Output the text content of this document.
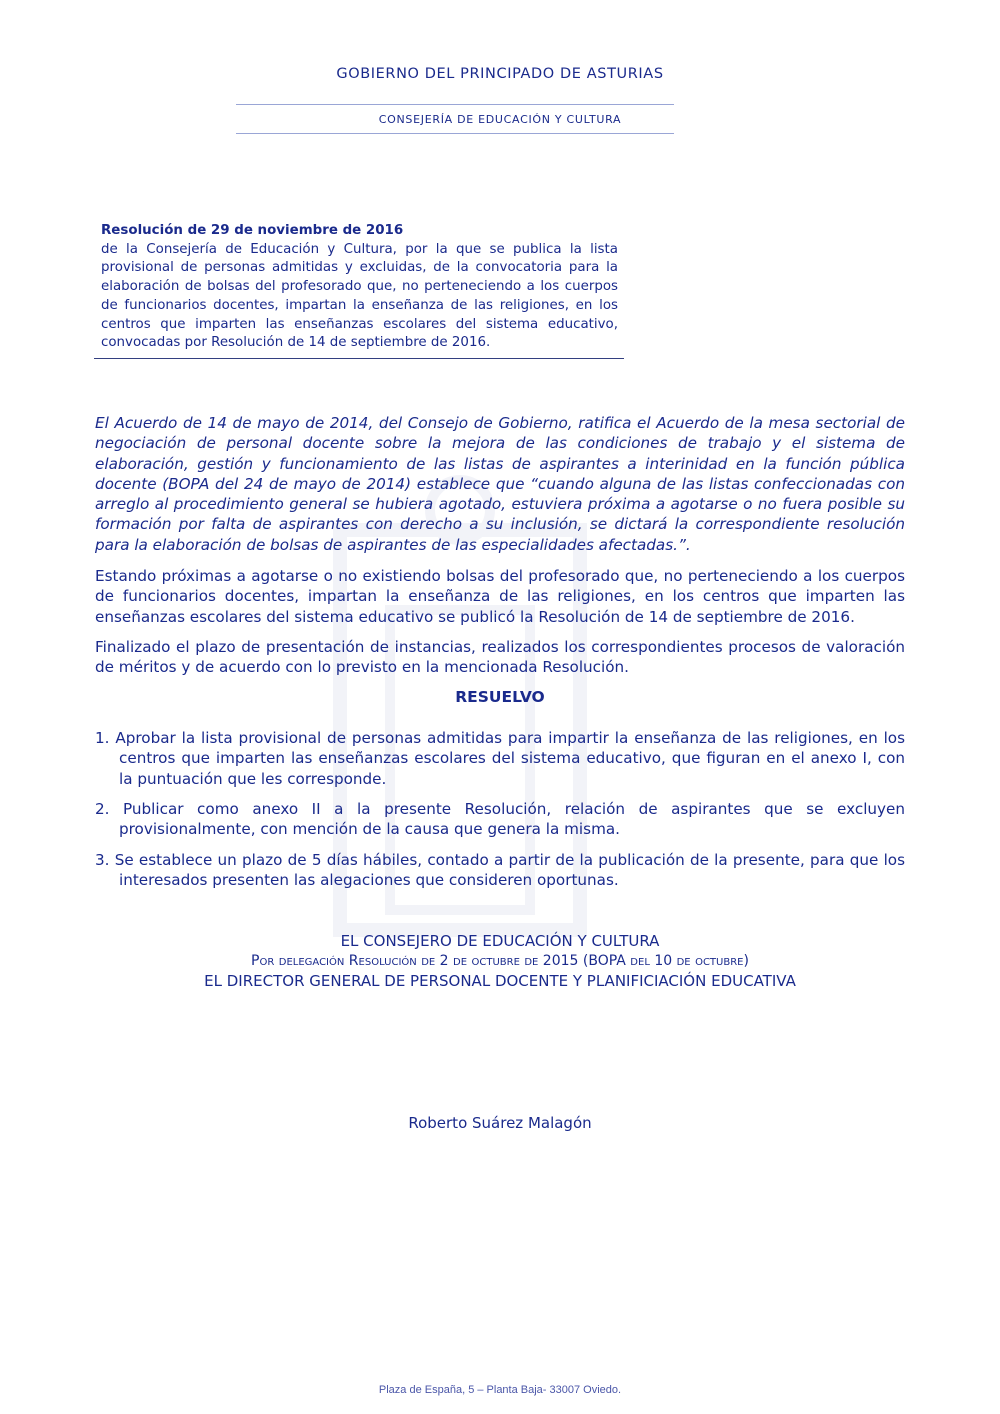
GOBIERNO DEL PRINCIPADO DE ASTURIAS
CONSEJERÍA DE EDUCACIÓN Y CULTURA
Resolución de 29 de noviembre de 2016
de la Consejería de Educación y Cultura, por la que se publica la lista provisional de personas admitidas y excluidas, de la convocatoria para la elaboración de bolsas del profesorado que, no perteneciendo a los cuerpos de funcionarios docentes, impartan la enseñanza de las religiones, en los centros que imparten las enseñanzas escolares del sistema educativo, convocadas por Resolución de 14 de septiembre de 2016.
El Acuerdo de 14 de mayo de 2014, del Consejo de Gobierno, ratifica el Acuerdo de la mesa sectorial de negociación de personal docente sobre la mejora de las condiciones de trabajo y el sistema de elaboración, gestión y funcionamiento de las listas de aspirantes a interinidad en la función pública docente (BOPA del 24 de mayo de 2014) establece que “cuando alguna de las listas confeccionadas con arreglo al procedimiento general se hubiera agotado, estuviera próxima a agotarse o no fuera posible su formación por falta de aspirantes con derecho a su inclusión, se dictará la correspondiente resolución para la elaboración de bolsas de aspirantes de las especialidades afectadas.”.
Estando próximas a agotarse o no existiendo bolsas del profesorado que, no perteneciendo a los cuerpos de funcionarios docentes, impartan la enseñanza de las religiones, en los centros que imparten las enseñanzas escolares del sistema educativo se publicó la Resolución de 14 de septiembre de 2016.
Finalizado el plazo de presentación de instancias, realizados los correspondientes procesos de valoración de méritos y de acuerdo con lo previsto en la mencionada Resolución.
RESUELVO
1. Aprobar la lista provisional de personas admitidas para impartir la enseñanza de las religiones, en los centros que imparten las enseñanzas escolares del sistema educativo, que figuran en el anexo I, con la puntuación que les corresponde.
2. Publicar como anexo II a la presente Resolución, relación de aspirantes que se excluyen provisionalmente, con mención de la causa que genera la misma.
3. Se establece un plazo de 5 días hábiles, contado a partir de la publicación de la presente, para que los interesados presenten las alegaciones que consideren oportunas.
EL CONSEJERO DE EDUCACIÓN Y CULTURA
Por delegación Resolución de 2 de octubre de 2015 (BOPA del 10 de octubre)
EL DIRECTOR GENERAL DE PERSONAL DOCENTE Y PLANIFICIACIÓN EDUCATIVA
Roberto Suárez Malagón
Plaza de España, 5 – Planta Baja- 33007 Oviedo.
